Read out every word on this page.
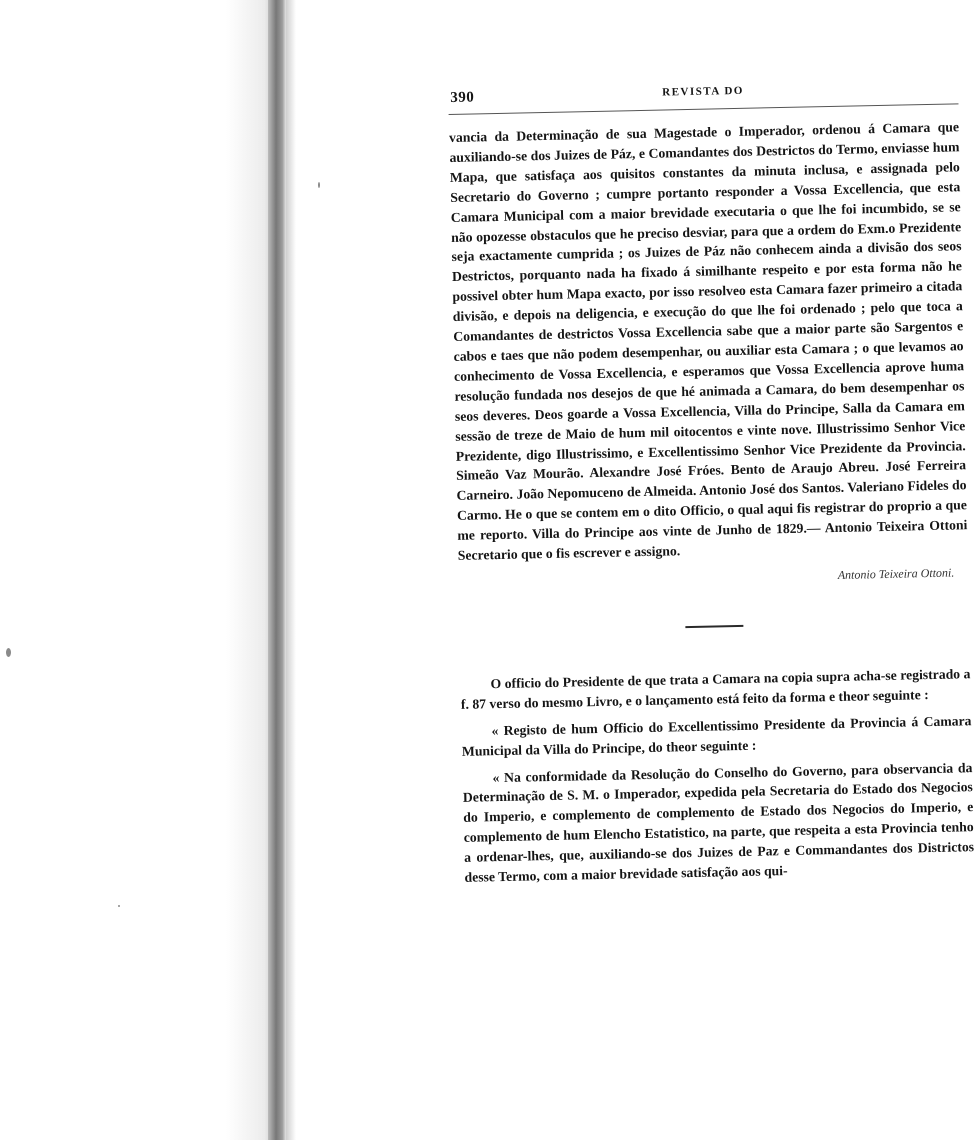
390	REVISTA DO

vancia da Determinação de sua Magestade o Imperador, ordenou á Camara que auxiliando-se dos Juizes de Páz, e Comandantes dos Destrictos do Termo, enviasse hum Mapa, que satisfaça aos quisitos constantes da minuta inclusa, e assignada pelo Secretario do Governo ; cumpre portanto responder a Vossa Excellencia, que esta Camara Municipal com a maior brevidade executaria o que lhe foi incumbido, se se não opozesse obstaculos que he preciso desviar, para que a ordem do Exm.o Prezidente seja exactamente cumprida ; os Juizes de Páz não conhecem ainda a divisão dos seos Destrictos, porquanto nada ha fixado á similhante respeito e por esta forma não he possivel obter hum Mapa exacto, por isso resolveo esta Camara fazer primeiro a citada divisão, e depois na deligencia, e execução do que lhe foi ordenado ; pelo que toca a Comandantes de destrictos Vossa Excellencia sabe que a maior parte são Sargentos e cabos e taes que não podem desempenhar, ou auxiliar esta Camara ; o que levamos ao conhecimento de Vossa Excellencia, e esperamos que Vossa Excellencia aprove huma resolução fundada nos desejos de que hé animada a Camara, do bem desempenhar os seos deveres. Deos goarde a Vossa Excellencia, Villa do Principe, Salla da Camara em sessão de treze de Maio de hum mil oitocentos e vinte nove. Illustrissimo Senhor Vice Prezidente, digo Illustrissimo, e Excellentissimo Senhor Vice Prezidente da Provincia. Simeão Vaz Mourão. Alexandre José Fróes. Bento de Araujo Abreu. José Ferreira Carneiro. João Nepomuceno de Almeida. Antonio José dos Santos. Valeriano Fideles do Carmo. He o que se contem em o dito Officio, o qual aqui fis registrar do proprio a que me reporto. Villa do Principe aos vinte de Junho de 1829.— Antonio Teixeira Ottoni Secretario que o fis escrever e assigno.

Antonio Teixeira Ottoni.

O officio do Presidente de que trata a Camara na copia supra acha-se registrado a f. 87 verso do mesmo Livro, e o lançamento está feito da forma e theor seguinte :

« Registo de hum Officio do Excellentissimo Presidente da Provincia á Camara Municipal da Villa do Principe, do theor seguinte :

« Na conformidade da Resolução do Conselho do Governo, para observancia da Determinação de S. M. o Imperador, expedida pela Secretaria do Estado dos Negocios do Imperio, e complemento de complemento de Estado dos Negocios do Imperio, e complemento de hum Elencho Estatistico, na parte, que respeita a esta Provincia tenho a ordenar-lhes, que, auxiliando-se dos Juizes de Paz e Commandantes dos Districtos desse Termo, com a maior brevidade satisfação aos qui-
